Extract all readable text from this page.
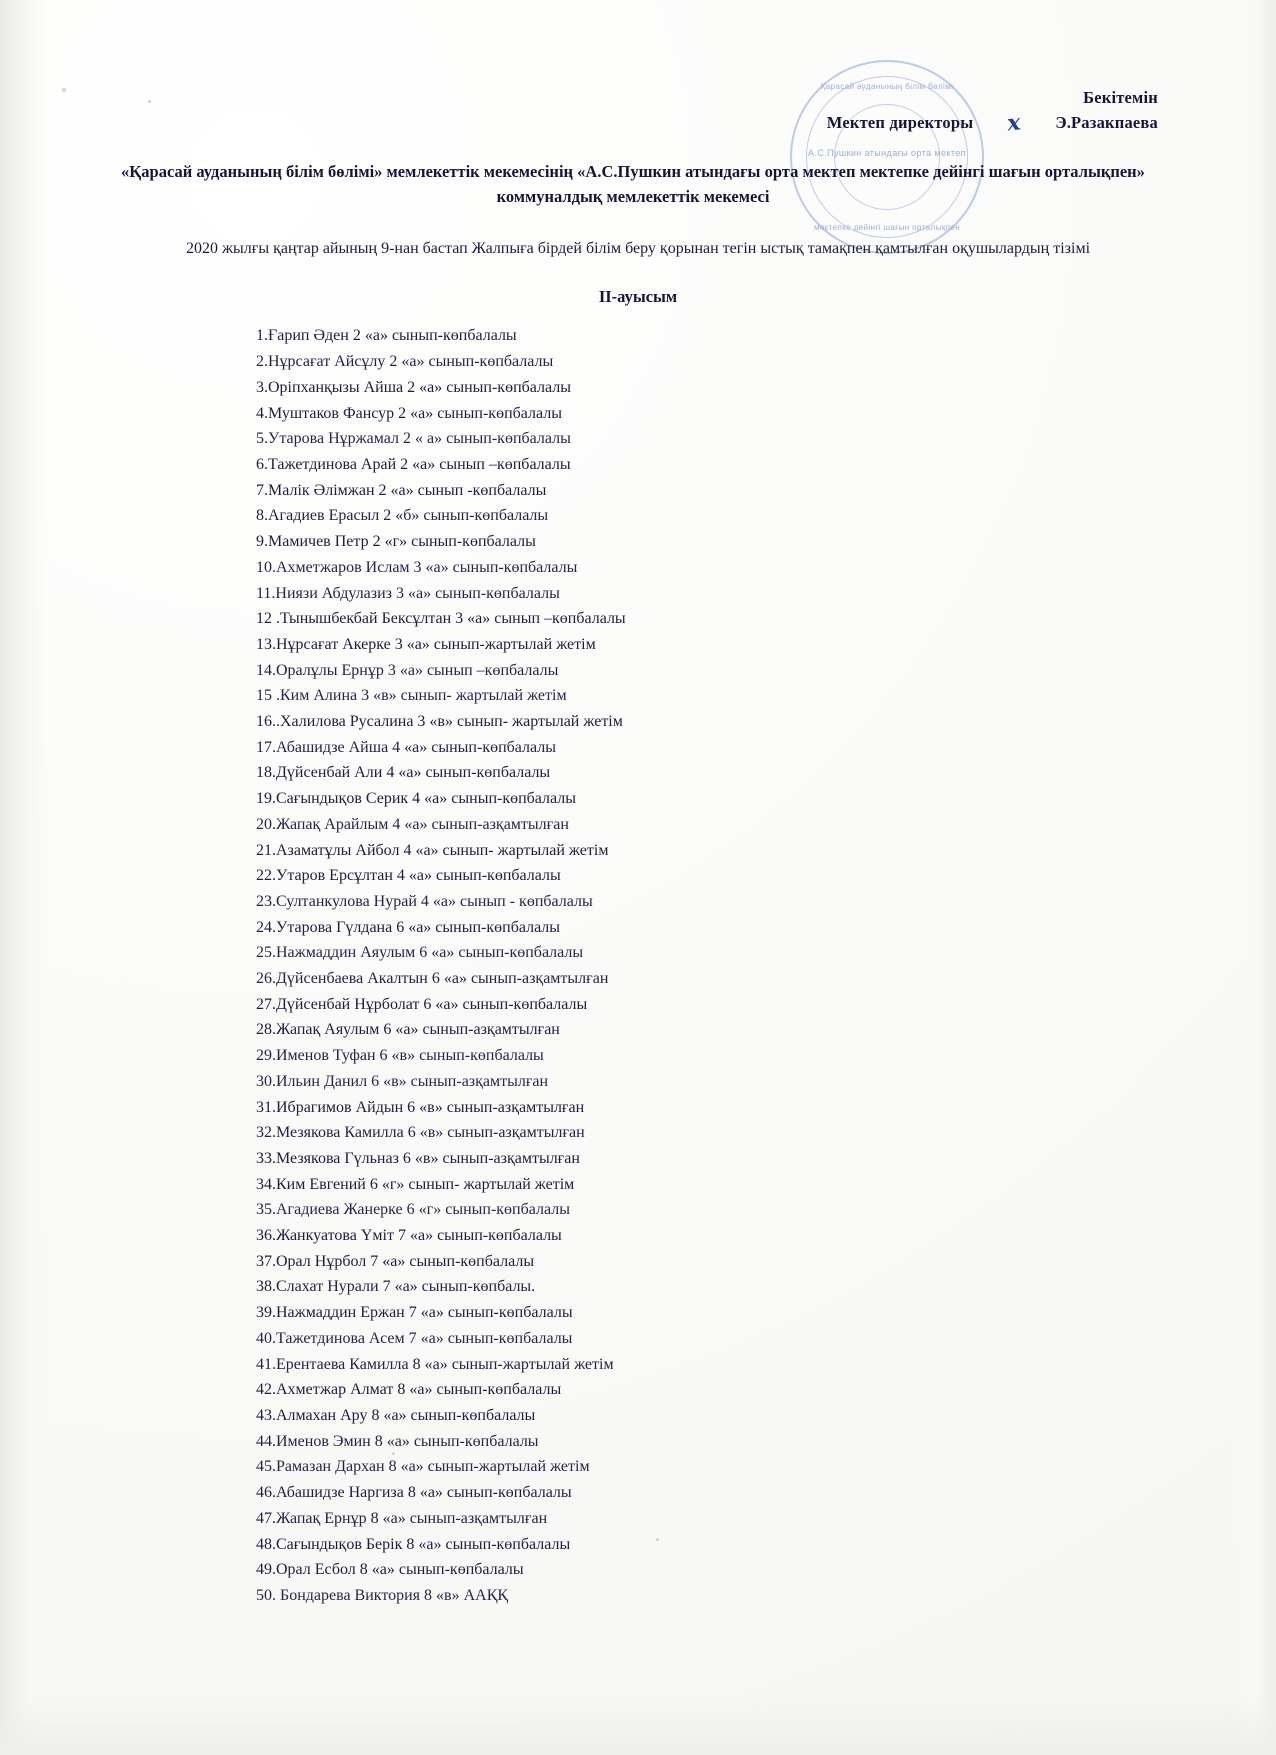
Қарасай ауданының білім бөлімі
А.С.Пушкин атындағы орта мектеп
мектепке дейінгі шағын орталықпен
Бекітемін
Мектеп директоры	x	Э.Разакпаева
«Қарасай ауданының білім бөлімі» мемлекеттік мекемесінің «А.С.Пушкин атындағы орта мектеп мектепке дейінгі шағын орталықпен» коммуналдық мемлекеттік мекемесі
2020 жылғы қаңтар айының 9-нан бастап Жалпыға бірдей білім беру қорынан тегін ыстық тамақпен қамтылған оқушылардың тізімі
II-ауысым
1.Ғарип Әден 2 «а» сынып-көпбалалы
2.Нұрсағат Айсұлу 2 «а» сынып-көпбалалы
3.Оріпханқызы Айша 2 «а» сынып-көпбалалы
4.Муштаков Фансур 2 «а» сынып-көпбалалы
5.Утарова Нұржамал 2 « а» сынып-көпбалалы
6.Тажетдинова Арай 2 «а» сынып –көпбалалы
7.Малік Әлімжан 2 «а» сынып -көпбалалы
8.Агадиев Ерасыл 2 «б» сынып-көпбалалы
9.Мамичев Петр 2 «г» сынып-көпбалалы
10.Ахметжаров Ислам 3 «а» сынып-көпбалалы
11.Ниязи Абдулазиз 3 «а» сынып-көпбалалы
12 .Тынышбекбай Бексұлтан 3 «а» сынып –көпбалалы
13.Нұрсағат Акерке 3 «а» сынып-жартылай жетім
14.Оралұлы Ернұр 3 «а» сынып –көпбалалы
15 .Ким Алина 3 «в» сынып- жартылай жетім
16..Халилова Русалина 3 «в» сынып- жартылай жетім
17.Абашидзе Айша 4 «а» сынып-көпбалалы
18.Дүйсенбай Али 4 «а» сынып-көпбалалы
19.Сағындықов Серик 4 «а» сынып-көпбалалы
20.Жапақ Арайлым 4 «а» сынып-азқамтылған
21.Азаматұлы Айбол 4 «а» сынып- жартылай жетім
22.Утаров Ерсұлтан 4 «а» сынып-көпбалалы
23.Султанкулова Нурай 4 «а» сынып - көпбалалы
24.Утарова Гүлдана 6 «а» сынып-көпбалалы
25.Нажмаддин Аяулым 6 «а» сынып-көпбалалы
26.Дүйсенбаева Акалтын 6 «а» сынып-азқамтылған
27.Дүйсенбай Нұрболат 6 «а» сынып-көпбалалы
28.Жапақ Аяулым 6 «а» сынып-азқамтылған
29.Именов Туфан 6 «в» сынып-көпбалалы
30.Ильин Данил 6 «в» сынып-азқамтылған
31.Ибрагимов Айдын 6 «в» сынып-азқамтылған
32.Мезякова Камилла 6 «в» сынып-азқамтылған
33.Мезякова Гүльназ 6 «в» сынып-азқамтылған
34.Ким Евгений 6 «г» сынып- жартылай жетім
35.Агадиева Жанерке 6 «г» сынып-көпбалалы
36.Жанкуатова Үміт 7 «а» сынып-көпбалалы
37.Орал Нұрбол 7 «а» сынып-көпбалалы
38.Слахат Нурали 7 «а» сынып-көпбалы.
39.Нажмаддин Ержан 7 «а» сынып-көпбалалы
40.Тажетдинова Асем 7 «а» сынып-көпбалалы
41.Ерентаева Камилла 8 «а» сынып-жартылай жетім
42.Ахметжар Алмат 8 «а» сынып-көпбалалы
43.Алмахан Ару 8 «а» сынып-көпбалалы
44.Именов Эмин 8 «а» сынып-көпбалалы
45.Рамазан Дархан 8 «а» сынып-жартылай жетім
46.Абашидзе Наргиза 8 «а» сынып-көпбалалы
47.Жапақ Ернұр 8 «а» сынып-азқамтылған
48.Сағындықов Берік 8 «а» сынып-көпбалалы
49.Орал Есбол 8 «а» сынып-көпбалалы
50. Бондарева Виктория 8 «в» ААҚҚ
